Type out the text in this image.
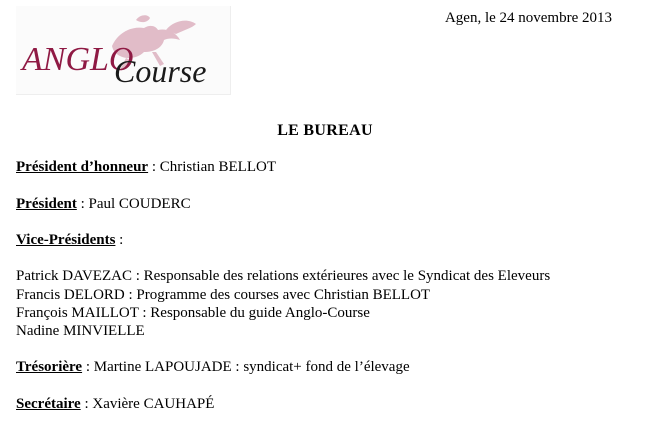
ANGLO
Course
Agen, le 24 novembre 2013
LE BUREAU
Président d’honneur : Christian BELLOT
Président : Paul COUDERC
Vice-Présidents :
Patrick DAVEZAC : Responsable des relations extérieures avec le Syndicat des Eleveurs
Francis DELORD : Programme des courses avec Christian BELLOT
François MAILLOT : Responsable du guide Anglo-Course
Nadine MINVIELLE
Trésorière : Martine LAPOUJADE : syndicat+ fond de l’élevage
Secrétaire : Xavière CAUHAPÉ
